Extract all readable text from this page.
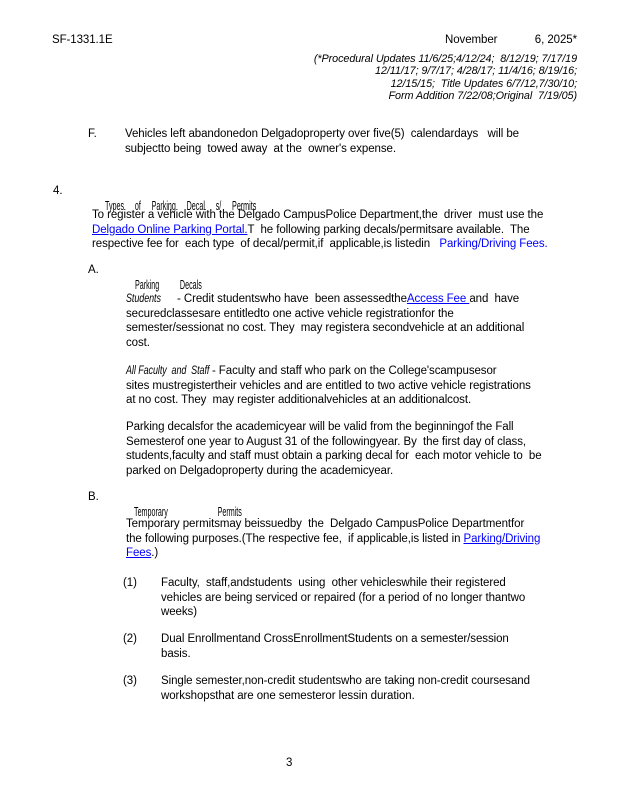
SF-1331.1E	November            6, 2025*
(*Procedural Updates 11/6/25;4/12/24;  8/12/19; 7/17/19
12/11/17; 9/7/17; 4/28/17; 11/4/16; 8/19/16;
12/15/15;  Title Updates 6/7/12,7/30/10;
Form Addition 7/22/08;Original  7/19/05)
F. Vehicles left abandonedon Delgadoproperty over five(5)  calendardays   will be
subjectto being  towed away  at the  owner's expense.
4.

Types of Parking Decal s/ Permits

To register a vehicle with the Delgado CampusPolice Department,the  driver  must use the
Delgado Online Parking Portal.T  he following parking decals/permitsare available.  The
respective fee for  each type  of decal/permit,if  applicable,is listedin   Parking/Driving Fees.
A.

Parking Decals

Students  - Credit studentswho have  been assessedtheAccess Fee and  have
securedclassesare entitledto one active vehicle registrationfor the
semester/sessionat no cost. They  may registera secondvehicle at an additional
cost.
All Faculty  and  Staff - Faculty and staff who park on the College'scampusesor
sites mustregistertheir vehicles and are entitled to two active vehicle registrations
at no cost. They  may register additionalvehicles at an additionalcost.
Parking decalsfor the academicyear will be valid from the beginningof the Fall
Semesterof one year to August 31 of the followingyear. By  the first day of class,
students,faculty and staff must obtain a parking decal for  each motor vehicle to  be
parked on Delgadoproperty during the academicyear.
B.

Temporary Permits

Temporary permitsmay beissuedby  the  Delgado CampusPolice Departmentfor
the following purposes.(The respective fee,  if applicable,is listed in Parking/Driving
Fees.)
(1) Faculty,  staff,andstudents  using  other vehicleswhile their registered
vehicles are being serviced or repaired (for a period of no longer thantwo
weeks)
(2) Dual Enrollmentand CrossEnrollmentStudents on a semester/session
basis.
(3) Single semester,non-credit studentswho are taking non-credit coursesand
workshopsthat are one semesteror lessin duration.
3
